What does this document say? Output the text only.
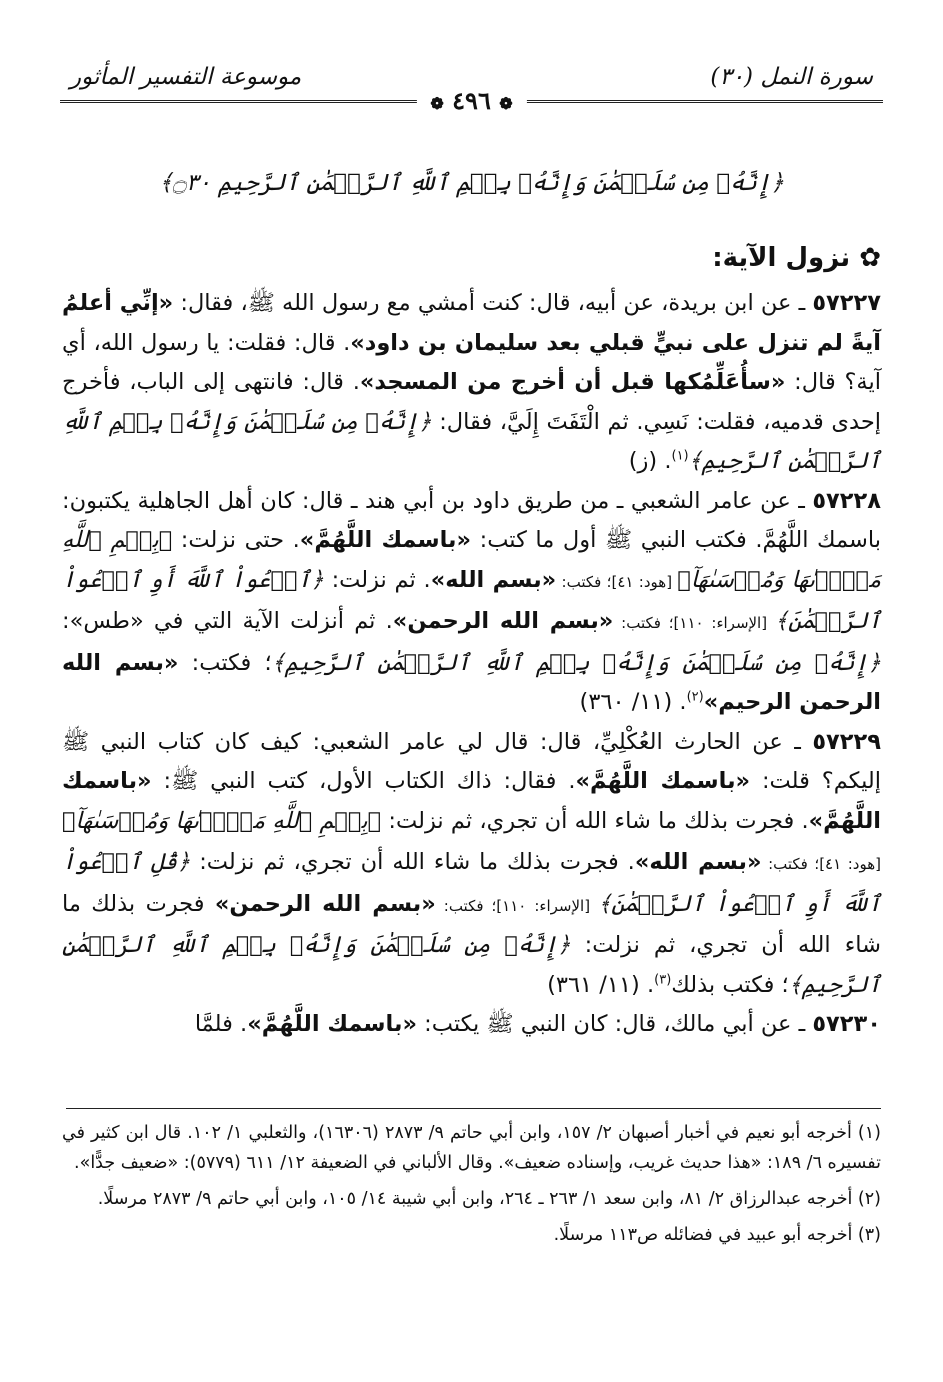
سورة النمل (٣٠)
موسوعة التفسير المأثور
❁ ٤٩٦ ❁
﴿إِنَّهُۥ مِن سُلَيۡمَٰنَ وَإِنَّهُۥ بِسۡمِ ٱللَّهِ ٱلرَّحۡمَٰنِ ٱلرَّحِيمِ ۝٣٠﴾
✿ نزول الآية:

٥٧٢٢٧ ـ عن ابن بريدة، عن أبيه، قال: كنت أمشي مع رسول الله ﷺ، فقال: «إنِّي أعلمُ آيةً لم تنزل على نبيٍّ قبلي بعد سليمان بن داود». قال: فقلت: يا رسول الله، أي آية؟ قال: «سأُعَلِّمُكها قبل أن أخرج من المسجد». قال: فانتهى إلى الباب، فأخرج إحدى قدميه، فقلت: نَسِي. ثم الْتَفَتَ إِلَيَّ، فقال: ﴿إِنَّهُۥ مِن سُلَيۡمَٰنَ وَإِنَّهُۥ بِسۡمِ ٱللَّهِ ٱلرَّحۡمَٰنِ ٱلرَّحِيمِ﴾$^{(١)}$. (ز)

٥٧٢٢٨ ـ عن عامر الشعبي ـ من طريق داود بن أبي هند ـ قال: كان أهل الجاهلية يكتبون: باسمك اللَّهُمَّ. فكتب النبي ﷺ أول ما كتب: «باسمك اللَّهُمَّ». حتى نزلت: ﴿بِسۡمِ ٱللَّهِ مَجۡرٜىٰهَا وَمُرۡسَىٰهَآ﴾ [هود: ٤١]؛ فكتب: «بسم الله». ثم نزلت: ﴿ٱدۡعُواْ ٱللَّهَ أَوِ ٱدۡعُواْ ٱلرَّحۡمَٰنَ﴾ [الإسراء: ١١٠]؛ فكتب: «بسم الله الرحمن». ثم أنزلت الآية التي في «طس»: ﴿إِنَّهُۥ مِن سُلَيۡمَٰنَ وَإِنَّهُۥ بِسۡمِ ٱللَّهِ ٱلرَّحۡمَٰنِ ٱلرَّحِيمِ﴾؛ فكتب: «بسم الله الرحمن الرحيم»$^{(٢)}$. (١١/ ٣٦٠)

٥٧٢٢٩ ـ عن الحارث العُكْلِيِّ، قال: قال لي عامر الشعبي: كيف كان كتاب النبي ﷺ إليكم؟ قلت: «باسمك اللَّهُمَّ». فقال: ذاك الكتاب الأول، كتب النبي ﷺ: «باسمك اللَّهُمَّ». فجرت بذلك ما شاء الله أن تجري، ثم نزلت: ﴿بِسۡمِ ٱللَّهِ مَجۡرٜىٰهَا وَمُرۡسَىٰهَآ﴾ [هود: ٤١]؛ فكتب: «بسم الله». فجرت بذلك ما شاء الله أن تجري، ثم نزلت: ﴿قُلِ ٱدۡعُواْ ٱللَّهَ أَوِ ٱدۡعُواْ ٱلرَّحۡمَٰنَ﴾ [الإسراء: ١١٠]؛ فكتب: «بسم الله الرحمن» فجرت بذلك ما شاء الله أن تجري، ثم نزلت: ﴿إِنَّهُۥ مِن سُلَيۡمَٰنَ وَإِنَّهُۥ بِسۡمِ ٱللَّهِ ٱلرَّحۡمَٰنِ ٱلرَّحِيمِ﴾؛ فكتب بذلك$^{(٣)}$. (١١/ ٣٦١)

٥٧٢٣٠ ـ عن أبي مالك، قال: كان النبي ﷺ يكتب: «باسمك اللَّهُمَّ». فلمَّا

(١) أخرجه أبو نعيم في أخبار أصبهان ٢/ ١٥٧، وابن أبي حاتم ٩/ ٢٨٧٣ (١٦٣٠٦)، والثعلبي ١/ ١٠٢. قال ابن كثير في تفسيره ٦/ ١٨٩: «هذا حديث غريب، وإسناده ضعيف». وقال الألباني في الضعيفة ١٢/ ٦١١ (٥٧٧٩): «ضعيف جدًّا».

(٢) أخرجه عبدالرزاق ٢/ ٨١، وابن سعد ١/ ٢٦٣ ـ ٢٦٤، وابن أبي شيبة ١٤/ ١٠٥، وابن أبي حاتم ٩/ ٢٨٧٣ مرسلًا.

(٣) أخرجه أبو عبيد في فضائله ص١١٣ مرسلًا.
